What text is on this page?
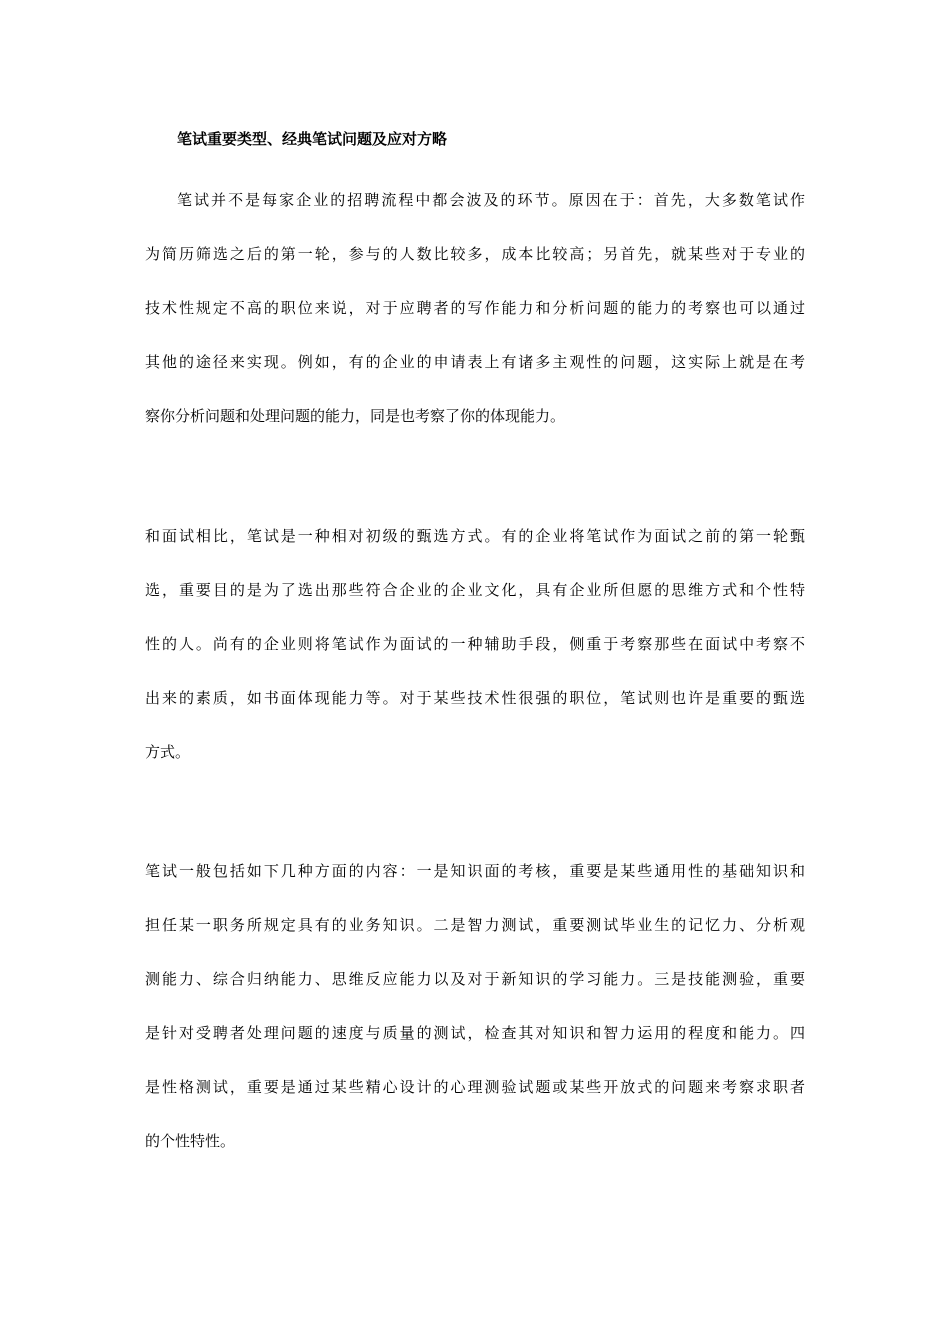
笔试重要类型、经典笔试问题及应对方略
笔试并不是每家企业的招聘流程中都会波及的环节。原因在于：首先，大多数笔试作
为简历筛选之后的第一轮，参与的人数比较多，成本比较高；另首先，就某些对于专业的
技术性规定不高的职位来说，对于应聘者的写作能力和分析问题的能力的考察也可以通过
其他的途径来实现。例如，有的企业的申请表上有诸多主观性的问题，这实际上就是在考
察你分析问题和处理问题的能力，同是也考察了你的体现能力。
和面试相比，笔试是一种相对初级的甄选方式。有的企业将笔试作为面试之前的第一轮甄
选，重要目的是为了选出那些符合企业的企业文化，具有企业所但愿的思维方式和个性特
性的人。尚有的企业则将笔试作为面试的一种辅助手段，侧重于考察那些在面试中考察不
出来的素质，如书面体现能力等。对于某些技术性很强的职位，笔试则也许是重要的甄选
方式。
笔试一般包括如下几种方面的内容：一是知识面的考核，重要是某些通用性的基础知识和
担任某一职务所规定具有的业务知识。二是智力测试，重要测试毕业生的记忆力、分析观
测能力、综合归纳能力、思维反应能力以及对于新知识的学习能力。三是技能测验，重要
是针对受聘者处理问题的速度与质量的测试，检查其对知识和智力运用的程度和能力。四
是性格测试，重要是通过某些精心设计的心理测验试题或某些开放式的问题来考察求职者
的个性特性。
